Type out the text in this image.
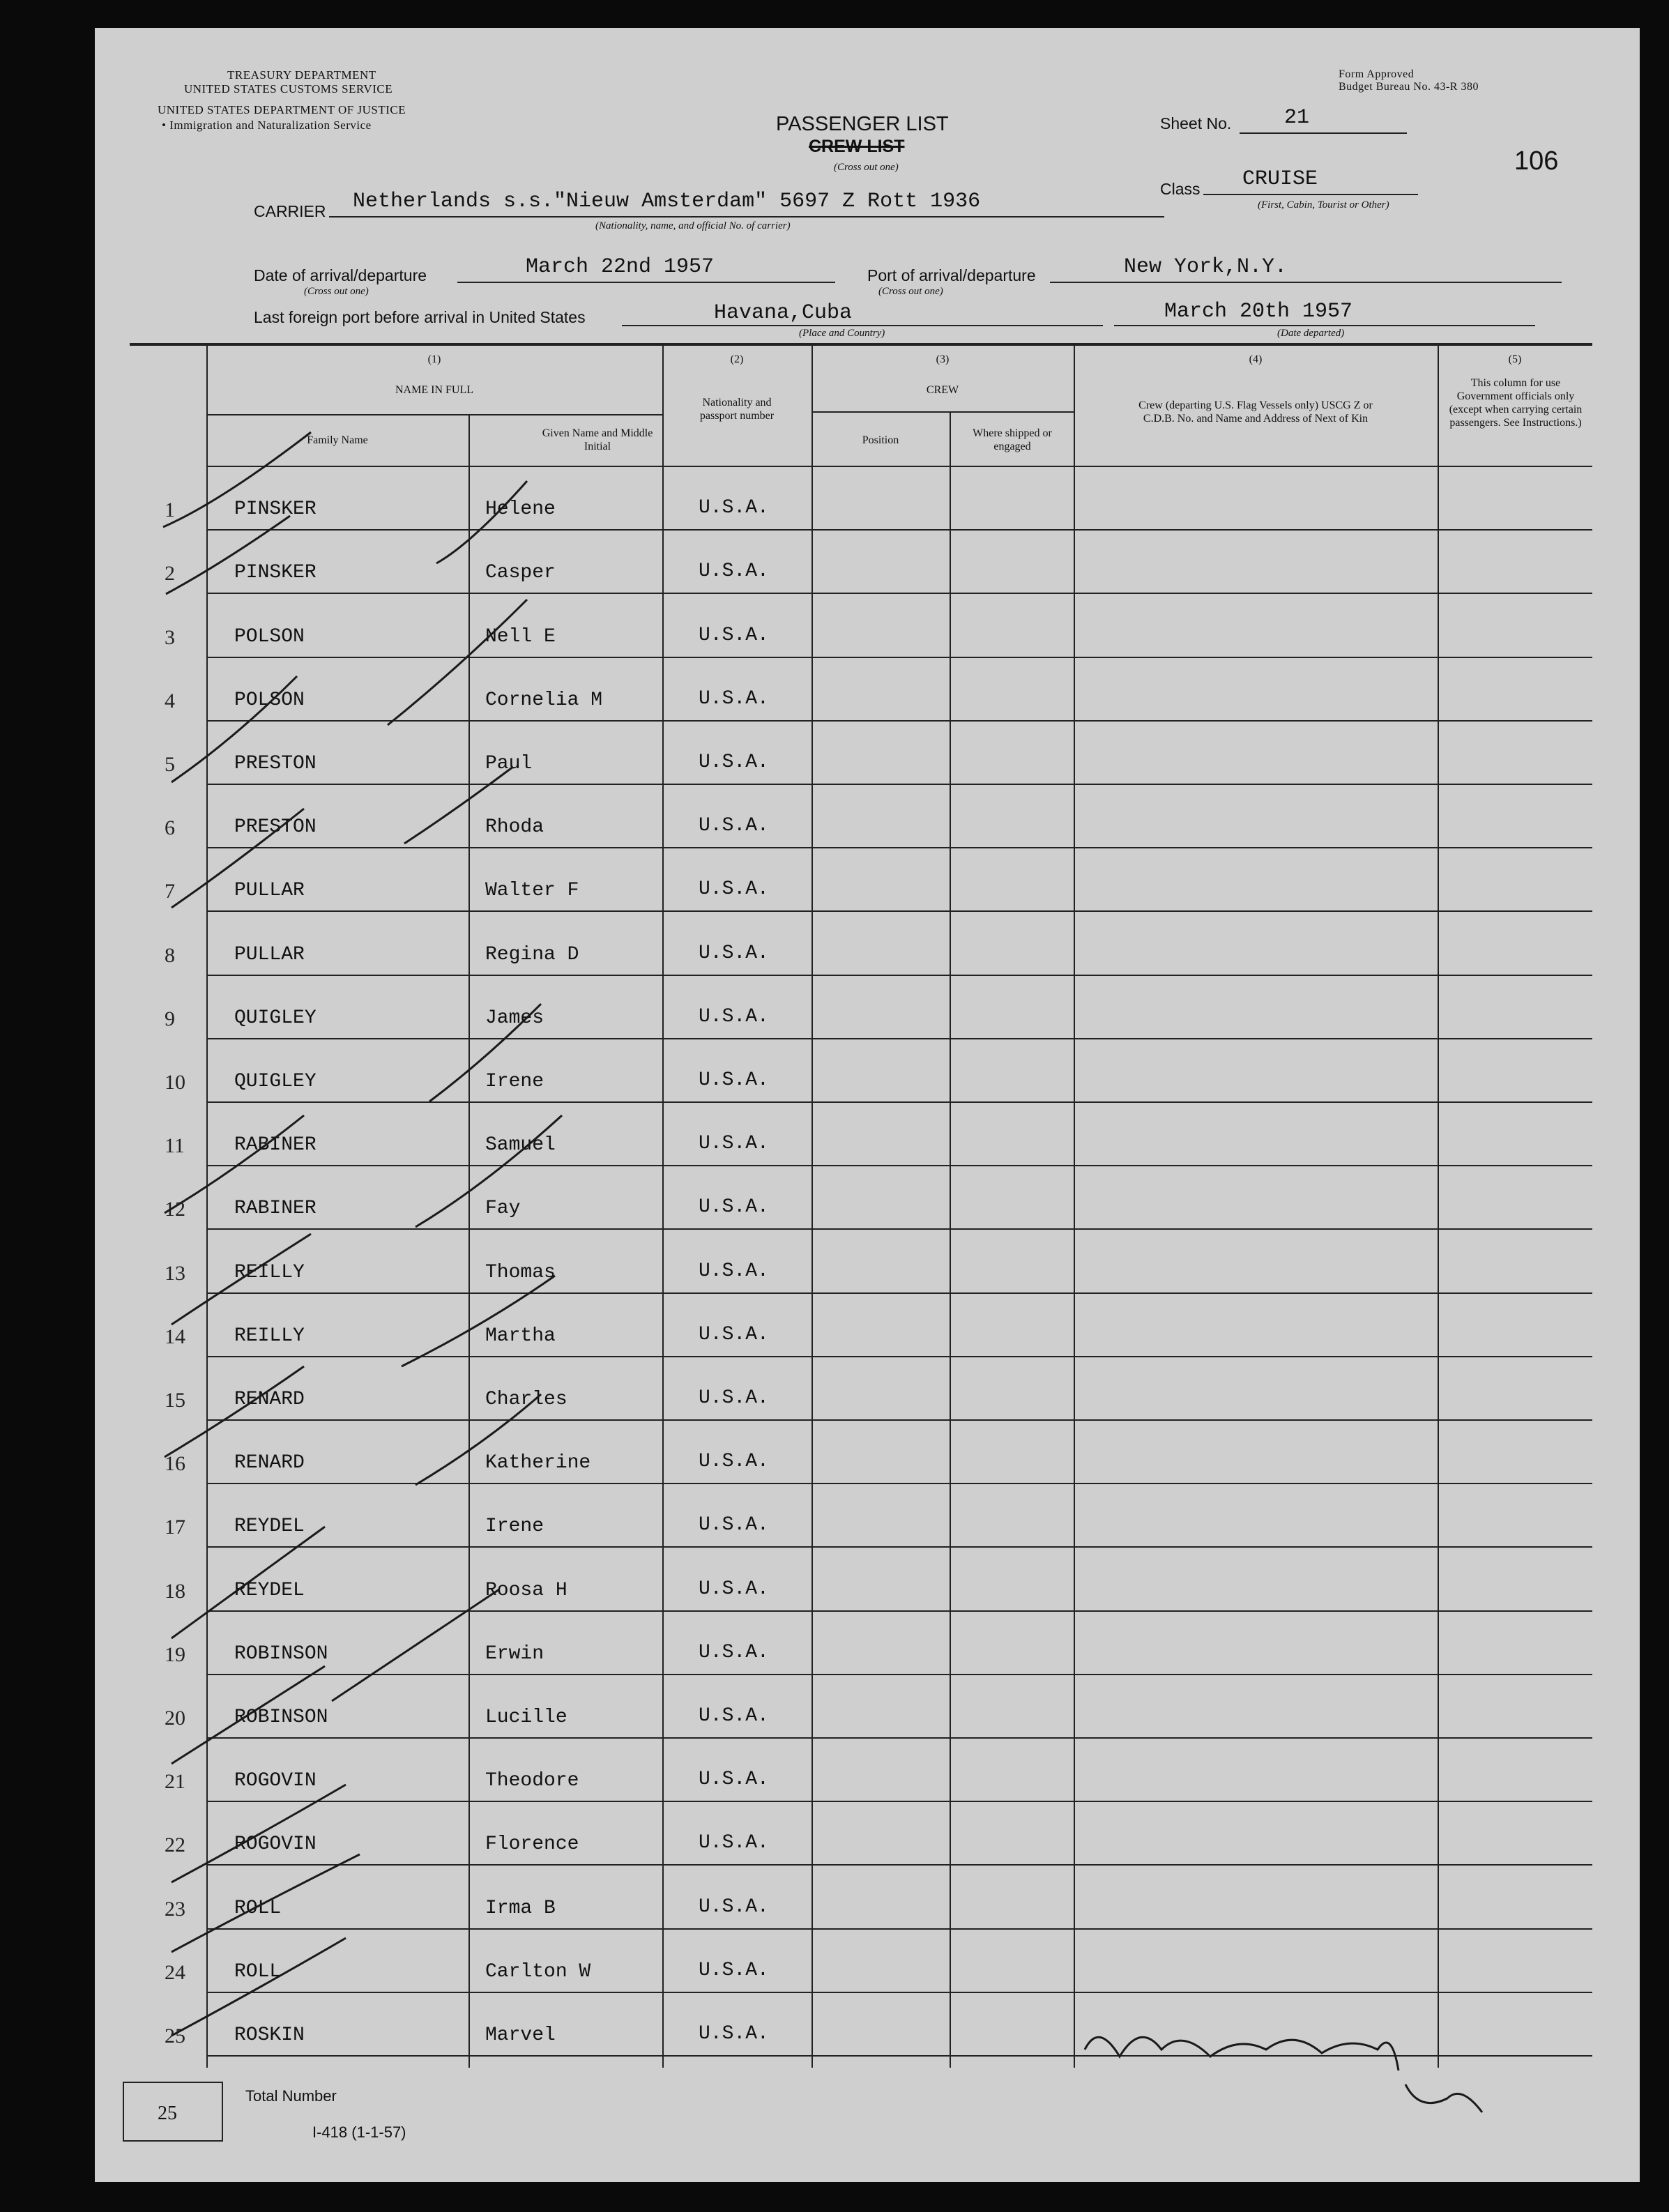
TREASURY DEPARTMENT
UNITED STATES CUSTOMS SERVICE
UNITED STATES DEPARTMENT OF JUSTICE
• Immigration and Naturalization Service
Form Approved
Budget Bureau No. 43-R 380
PASSENGER LIST
CREW LIST
(Cross out one)
Sheet No.	21
106
Class CRUISE
(First, Cabin, Tourist or Other)
CARRIER Netherlands s.s."Nieuw Amsterdam" 5697 Z Rott 1936
(Nationality, name, and official No. of carrier)
Date of arrival/departure	March 22nd 1957
(Cross out one)
Port of arrival/departure	New York,N.Y.
(Cross out one)
Last foreign port before arrival in United States	Havana,Cuba
(Place and Country)
March 20th 1957
(Date departed)
(1)
NAME IN FULL
Family Name
Given Name and Middle Initial
(2)
Nationality and passport number
(3)
CREW
Position
Where shipped or engaged
(4)
Crew (departing U.S. Flag Vessels only) USCG Z or C.D.B. No. and Name and Address of Next of Kin
(5)
This column for use Government officials only (except when carrying certain passengers. See Instructions.)
1	PINSKER	Helene	U.S.A.
2	PINSKER	Casper	U.S.A.
3	POLSON	Nell E	U.S.A.
4	POLSON	Cornelia M	U.S.A.
5	PRESTON	Paul	U.S.A.
6	PRESTON	Rhoda	U.S.A.
7	PULLAR	Walter F	U.S.A.
8	PULLAR	Regina D	U.S.A.
9	QUIGLEY	James	U.S.A.
10	QUIGLEY	Irene	U.S.A.
11	RABINER	Samuel	U.S.A.
12	RABINER	Fay	U.S.A.
13	REILLY	Thomas	U.S.A.
14	REILLY	Martha	U.S.A.
15	RENARD	Charles	U.S.A.
16	RENARD	Katherine	U.S.A.
17	REYDEL	Irene	U.S.A.
18	REYDEL	Roosa H	U.S.A.
19	ROBINSON	Erwin	U.S.A.
20	ROBINSON	Lucille	U.S.A.
21	ROGOVIN	Theodore	U.S.A.
22	ROGOVIN	Florence	U.S.A.
23	ROLL	Irma B	U.S.A.
24	ROLL	Carlton W	U.S.A.
25	ROSKIN	Marvel	U.S.A.
25
Total Number
I-418 (1-1-57)
